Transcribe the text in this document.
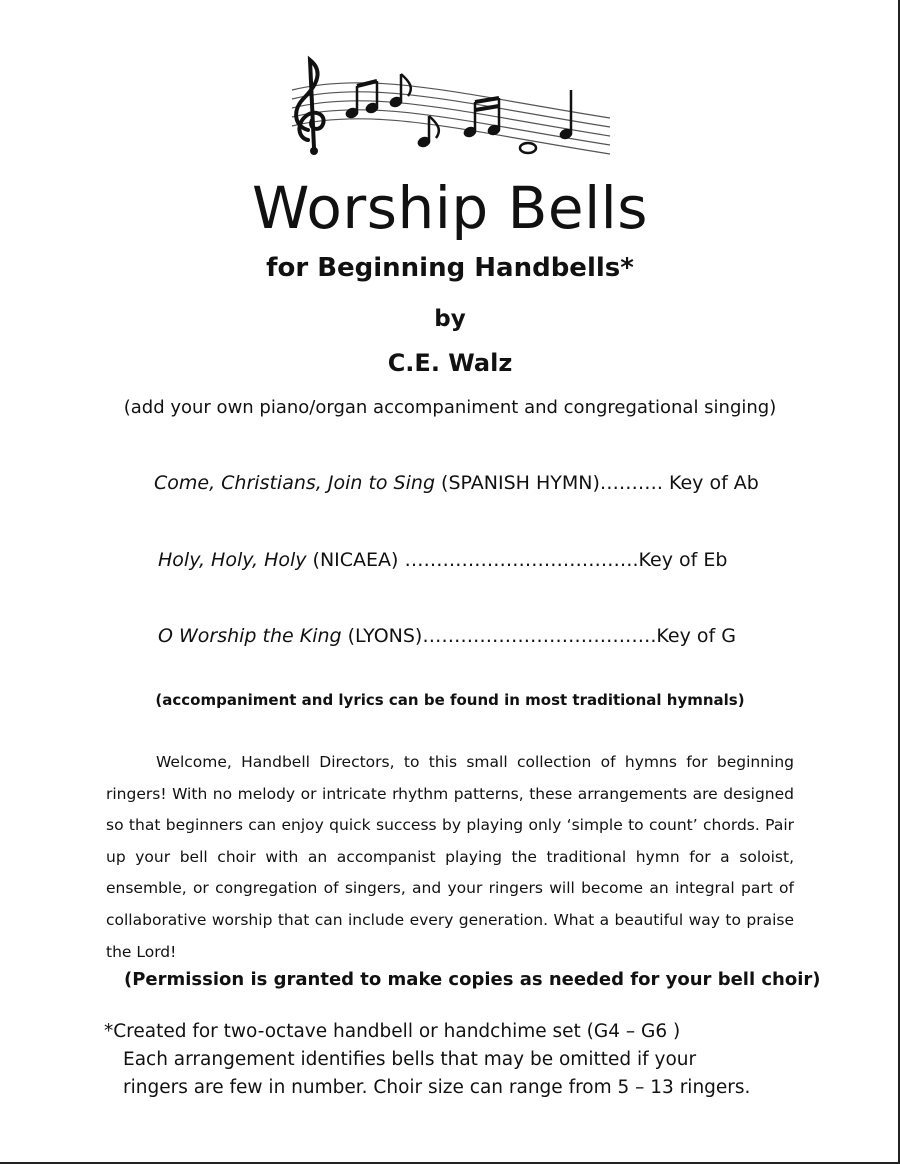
Worship Bells
for Beginning Handbells*
by
C.E. Walz
(add your own piano/organ accompaniment and congregational singing)
Come, Christians, Join to Sing (SPANISH HYMN)………. Key of Ab
Holy, Holy, Holy (NICAEA) ……………………………….Key of Eb
O Worship the King (LYONS)……………………………….Key of G
(accompaniment and lyrics can be found in most traditional hymnals)
Welcome, Handbell Directors, to this small collection of hymns for beginning ringers! With no melody or intricate rhythm patterns, these arrangements are designed so that beginners can enjoy quick success by playing only ‘simple to count’ chords. Pair up your bell choir with an accompanist playing the traditional hymn for a soloist, ensemble, or congregation of singers, and your ringers will become an integral part of collaborative worship that can include every generation. What a beautiful way to praise the Lord!
(Permission is granted to make copies as needed for your bell choir)
*Created for two-octave handbell or handchime set (G4 – G6 )
Each arrangement identifies bells that may be omitted if your
ringers are few in number. Choir size can range from 5 – 13 ringers.
